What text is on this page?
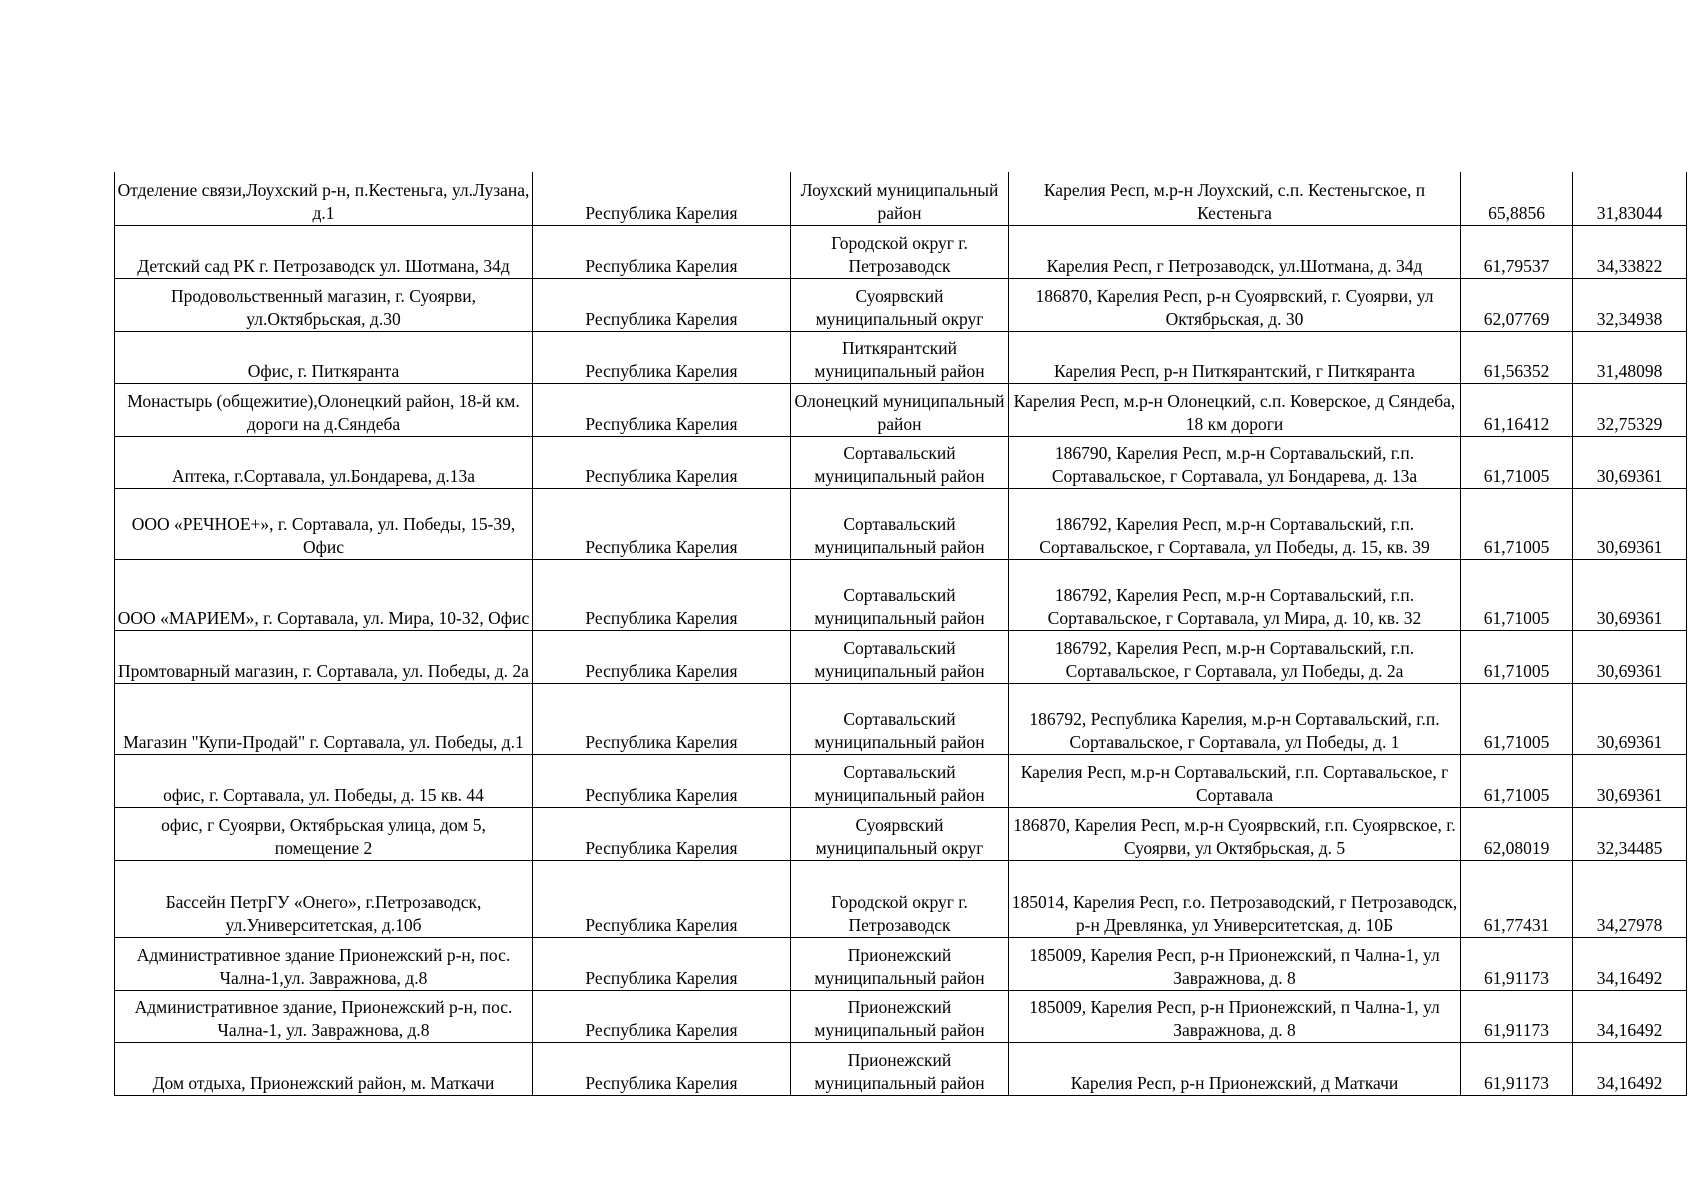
Отделение связи,Лоухский р-н, п.Кестеньга, ул.Лузана, д.1	Республика Карелия	Лоухский муниципальный район	Карелия Респ, м.р-н Лоухский, с.п. Кестеньгское, п Кестеньга	65,8856	31,83044
Детский сад РК г. Петрозаводск ул. Шотмана, 34д	Республика Карелия	Городской округ г. Петрозаводск	Карелия Респ, г Петрозаводск, ул.Шотмана, д. 34д	61,79537	34,33822
Продовольственный магазин, г. Суоярви, ул.Октябрьская, д.30	Республика Карелия	Суоярвский муниципальный округ	186870, Карелия Респ, р-н Суоярвский, г. Суоярви, ул Октябрьская, д. 30	62,07769	32,34938
Офис, г. Питкяранта	Республика Карелия	Питкярантский муниципальный район	Карелия Респ, р-н Питкярантский, г Питкяранта	61,56352	31,48098
Монастырь (общежитие),Олонецкий район, 18-й км. дороги на д.Сяндеба	Республика Карелия	Олонецкий муниципальный район	Карелия Респ, м.р-н Олонецкий, с.п. Коверское, д Сяндеба, 18 км дороги	61,16412	32,75329
Аптека, г.Сортавала, ул.Бондарева, д.13а	Республика Карелия	Сортавальский муниципальный район	186790, Карелия Респ, м.р-н Сортавальский, г.п. Сортавальское, г Сортавала, ул Бондарева, д. 13а	61,71005	30,69361
ООО «РЕЧНОЕ+», г. Сортавала, ул. Победы, 15-39, Офис	Республика Карелия	Сортавальский муниципальный район	186792, Карелия Респ, м.р-н Сортавальский, г.п. Сортавальское, г Сортавала, ул Победы, д. 15, кв. 39	61,71005	30,69361
ООО «МАРИЕМ», г. Сортавала, ул. Мира, 10-32, Офис	Республика Карелия	Сортавальский муниципальный район	186792, Карелия Респ, м.р-н Сортавальский, г.п. Сортавальское, г Сортавала, ул Мира, д. 10, кв. 32	61,71005	30,69361
Промтоварный магазин, г. Сортавала, ул. Победы, д. 2а	Республика Карелия	Сортавальский муниципальный район	186792, Карелия Респ, м.р-н Сортавальский, г.п. Сортавальское, г Сортавала, ул Победы, д. 2а	61,71005	30,69361
Магазин "Купи-Продай" г. Сортавала, ул. Победы, д.1	Республика Карелия	Сортавальский муниципальный район	186792, Республика Карелия, м.р-н Сортавальский, г.п. Сортавальское, г Сортавала, ул Победы, д. 1	61,71005	30,69361
офис, г. Сортавала, ул. Победы, д. 15 кв. 44	Республика Карелия	Сортавальский муниципальный район	Карелия Респ, м.р-н Сортавальский, г.п. Сортавальское, г Сортавала	61,71005	30,69361
офис, г Суоярви, Октябрьская улица, дом 5, помещение 2	Республика Карелия	Суоярвский муниципальный округ	186870, Карелия Респ, м.р-н Суоярвский, г.п. Суоярвское, г. Суоярви, ул Октябрьская, д. 5	62,08019	32,34485
Бассейн ПетрГУ «Онего», г.Петрозаводск, ул.Университетская, д.10б	Республика Карелия	Городской округ г. Петрозаводск	185014, Карелия Респ, г.о. Петрозаводский, г Петрозаводск, р-н Древлянка, ул Университетская, д. 10Б	61,77431	34,27978
Административное здание Прионежский р-н, пос. Чална-1,ул. Завражнова, д.8	Республика Карелия	Прионежский муниципальный район	185009, Карелия Респ, р-н Прионежский, п Чална-1, ул Завражнова, д. 8	61,91173	34,16492
Административное здание, Прионежский р-н, пос. Чална-1, ул. Завражнова, д.8	Республика Карелия	Прионежский муниципальный район	185009, Карелия Респ, р-н Прионежский, п Чална-1, ул Завражнова, д. 8	61,91173	34,16492
Дом отдыха, Прионежский район, м. Маткачи	Республика Карелия	Прионежский муниципальный район	Карелия Респ, р-н Прионежский, д Маткачи	61,91173	34,16492
